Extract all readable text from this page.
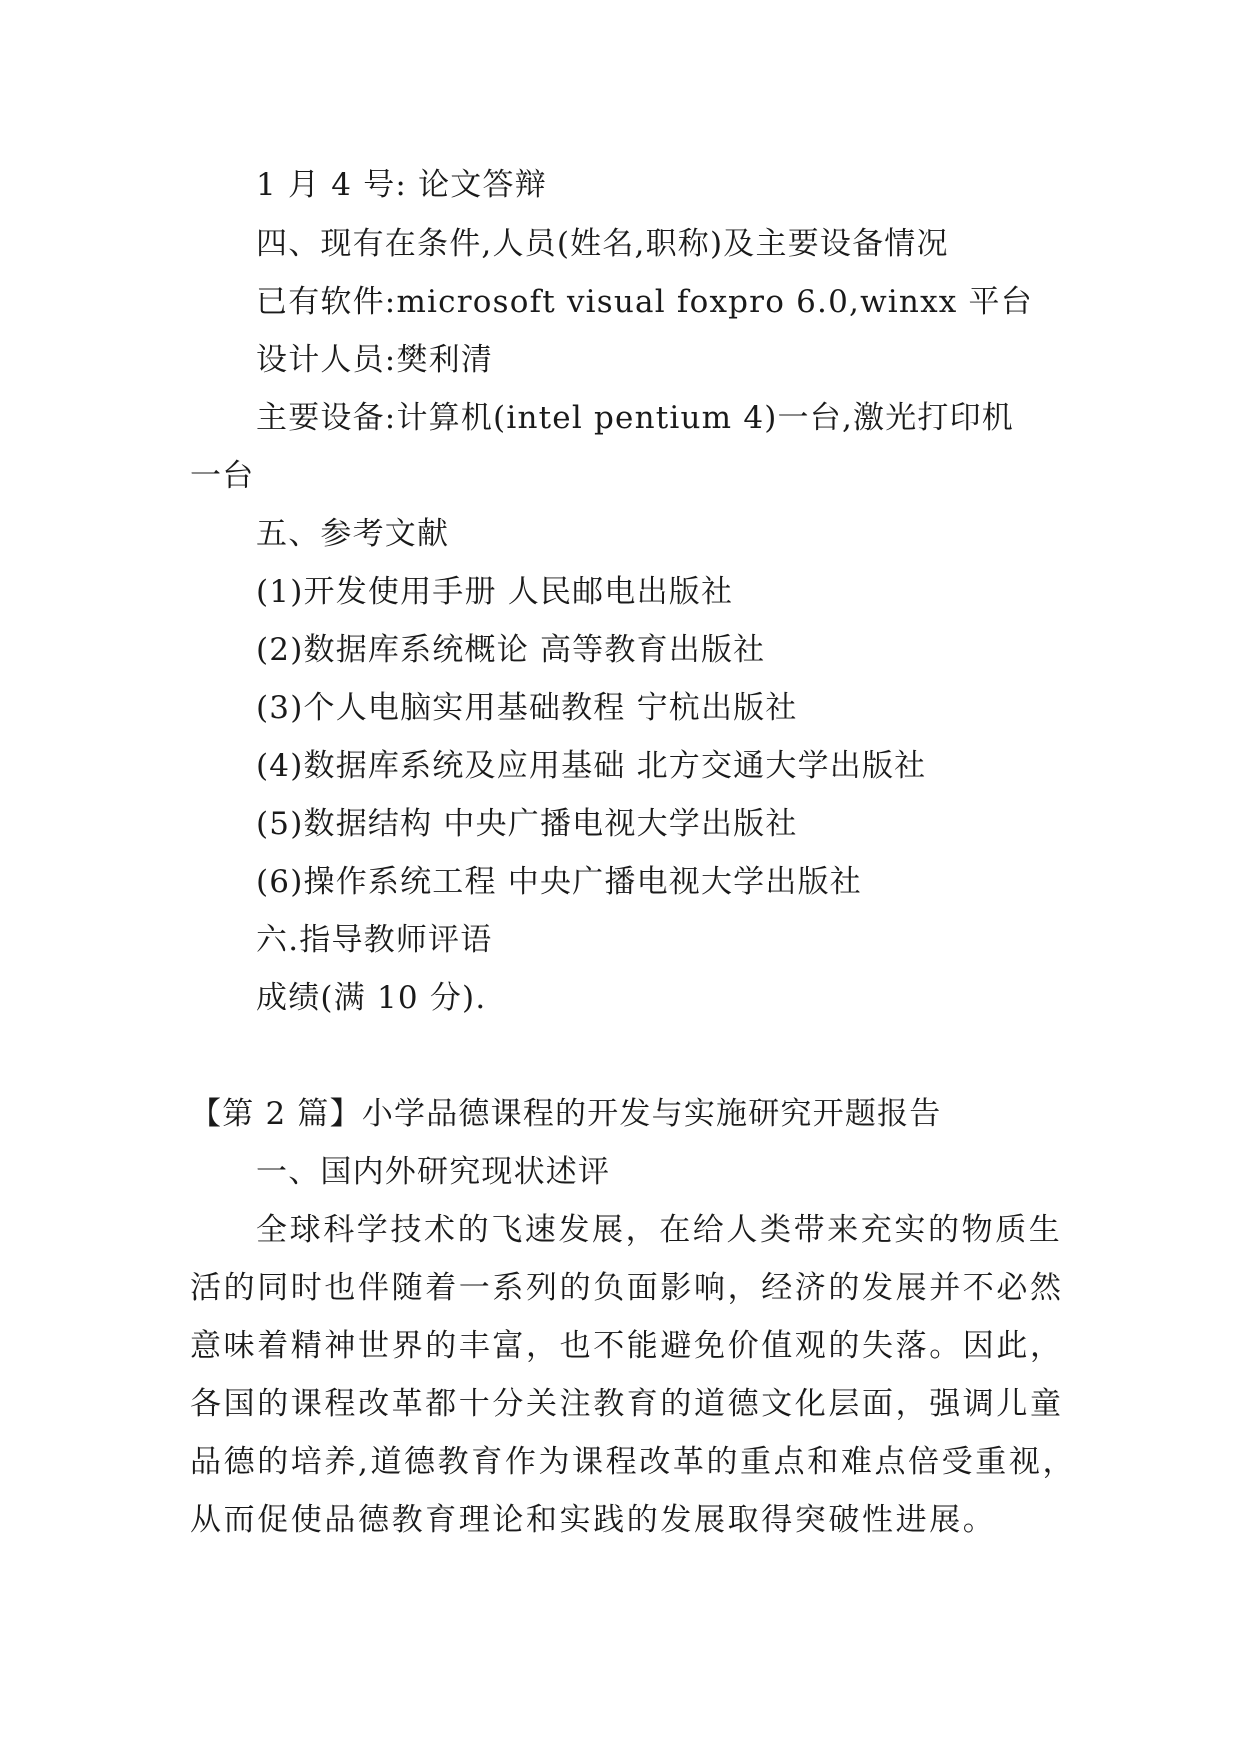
1 月 4 号: 论文答辩
四、现有在条件,人员(姓名,职称)及主要设备情况
已有软件:microsoft visual foxpro 6.0,winxx 平台
设计人员:樊利清
主要设备:计算机(intel pentium 4)一台,激光打印机
一台
五、参考文献
(1)开发使用手册 人民邮电出版社
(2)数据库系统概论 高等教育出版社
(3)个人电脑实用基础教程 宁杭出版社
(4)数据库系统及应用基础 北方交通大学出版社
(5)数据结构 中央广播电视大学出版社
(6)操作系统工程 中央广播电视大学出版社
六.指导教师评语
成绩(满 10 分).
【第 2 篇】小学品德课程的开发与实施研究开题报告
一、国内外研究现状述评
全球科学技术的飞速发展，在给人类带来充实的物质生
活的同时也伴随着一系列的负面影响，经济的发展并不必然
意味着精神世界的丰富，也不能避免价值观的失落。因此，
各国的课程改革都十分关注教育的道德文化层面，强调儿童
品德的培养,道德教育作为课程改革的重点和难点倍受重视，
从而促使品德教育理论和实践的发展取得突破性进展。
